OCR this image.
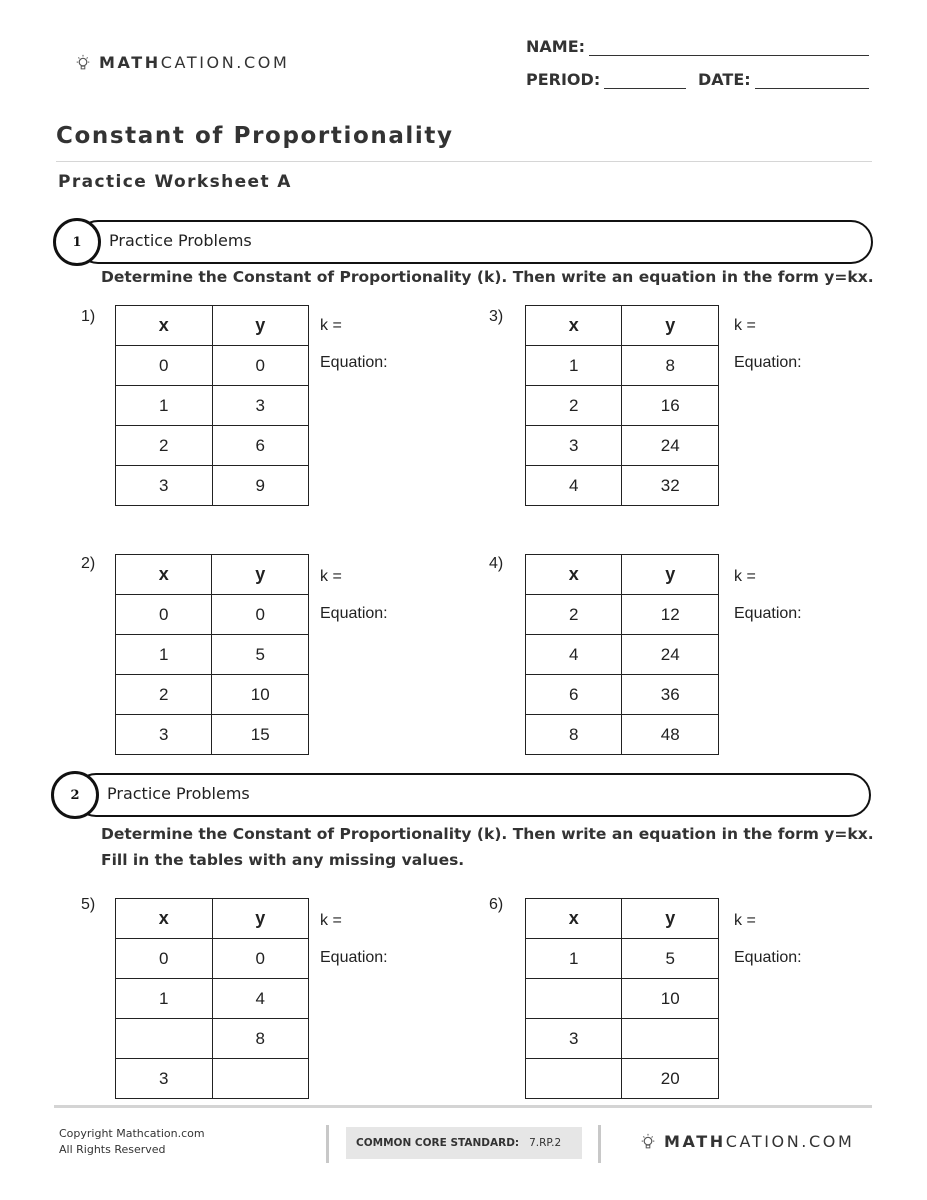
MATHCATION.COM
NAME:
PERIOD:	DATE:
Constant of Proportionality
Practice Worksheet A
1	Practice Problems
Determine the Constant of Proportionality (k). Then write an equation in the form y=kx.
1)	x	y
0	0
1	3
2	6
3	9
k =
Equation:
3)	x	y
1	8
2	16
3	24
4	32
k =
Equation:
2)
x	y
0	0
1	5
2	10
3	15
k =
Equation:
4)
x	y
2	12
4	24
6	36
8	48
k =
Equation:
2	Practice Problems
Determine the Constant of Proportionality (k). Then write an equation in the form y=kx.
Fill in the tables with any missing values.
5)
x	y
0	0
1	4
	8
3	
k =
Equation:
6)
x	y
1	5
	10
3	
	20
k =
Equation:
Copyright Mathcation.com
All Rights Reserved	COMMON CORE STANDARD: 7.RP.2	MATHCATION.COM
